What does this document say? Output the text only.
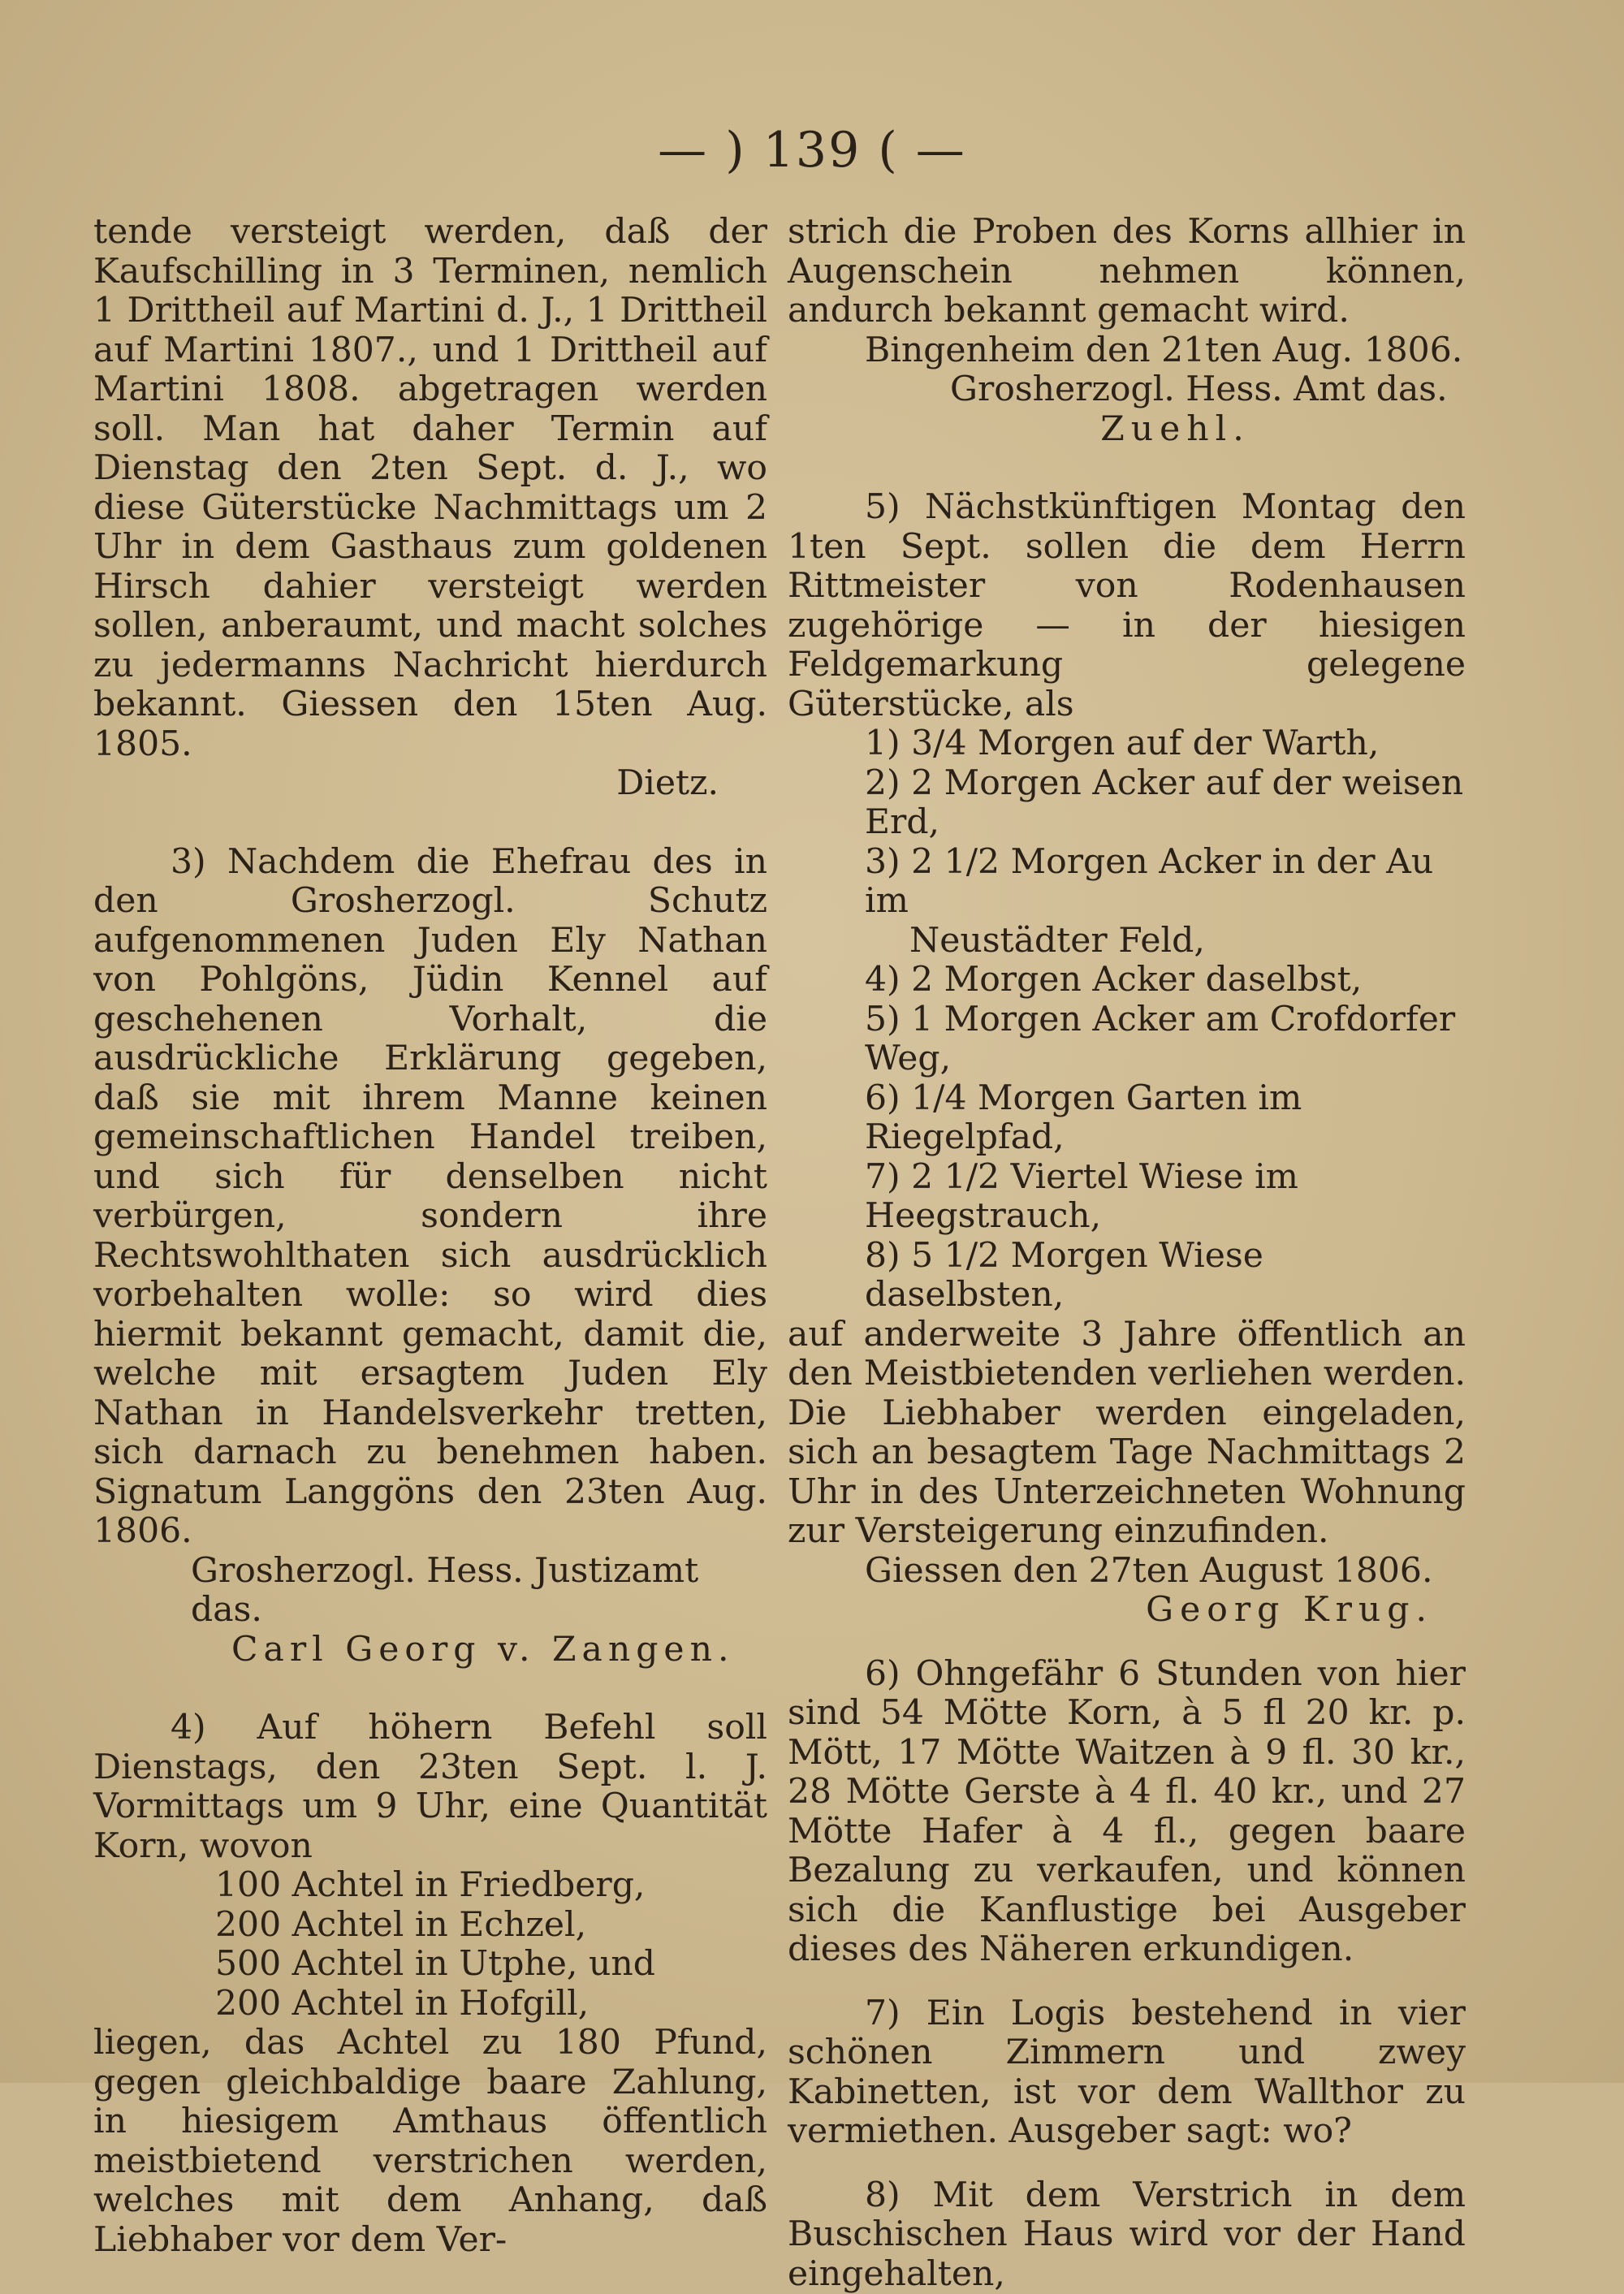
— ) 139 ( —

tende versteigt werden, daß der Kaufschilling in 3 Terminen, nemlich 1 Drittheil auf Martini d. J., 1 Drittheil auf Martini 1807., und 1 Drittheil auf Martini 1808. abgetragen werden soll. Man hat daher Termin auf Dienstag den 2ten Sept. d. J., wo diese Güterstücke Nachmittags um 2 Uhr in dem Gasthaus zum goldenen Hirsch dahier versteigt werden sollen, anberaumt, und macht solches zu jedermanns Nachricht hierdurch bekannt. Giessen den 15ten Aug. 1805.

Dietz.

3) Nachdem die Ehefrau des in den Grosherzogl. Schutz aufgenommenen Juden Ely Nathan von Pohlgöns, Jüdin Kennel auf geschehenen Vorhalt, die ausdrückliche Erklärung gegeben, daß sie mit ihrem Manne keinen gemeinschaftlichen Handel treiben, und sich für denselben nicht verbürgen, sondern ihre Rechtswohlthaten sich ausdrücklich vorbehalten wolle: so wird dies hiermit bekannt gemacht, damit die, welche mit ersagtem Juden Ely Nathan in Handelsverkehr tretten, sich darnach zu benehmen haben. Signatum Langgöns den 23ten Aug. 1806.

Grosherzogl. Hess. Justizamt das.

Carl Georg v. Zangen.

4) Auf höhern Befehl soll Dienstags, den 23ten Sept. l. J. Vormittags um 9 Uhr, eine Quantität Korn, wovon

100 Achtel in Friedberg,

200 Achtel in Echzel,

500 Achtel in Utphe, und

200 Achtel in Hofgill,

liegen, das Achtel zu 180 Pfund, gegen gleichbaldige baare Zahlung, in hiesigem Amthaus öffentlich meistbietend verstrichen werden, welches mit dem Anhang, daß Liebhaber vor dem Ver-

strich die Proben des Korns allhier in Augenschein nehmen können, andurch bekannt gemacht wird.

Bingenheim den 21ten Aug. 1806.

Grosherzogl. Hess. Amt das.

Zuehl.

5) Nächstkünftigen Montag den 1ten Sept. sollen die dem Herrn Rittmeister von Rodenhausen zugehörige — in der hiesigen Feldgemarkung gelegene Güterstücke, als

1) 3/4 Morgen auf der Warth,

2) 2 Morgen Acker auf der weisen Erd,

3) 2 1/2 Morgen Acker in der Au im

Neustädter Feld,

4) 2 Morgen Acker daselbst,

5) 1 Morgen Acker am Crofdorfer Weg,

6) 1/4 Morgen Garten im Riegelpfad,

7) 2 1/2 Viertel Wiese im Heegstrauch,

8) 5 1/2 Morgen Wiese daselbsten,

auf anderweite 3 Jahre öffentlich an den Meistbietenden verliehen werden. Die Liebhaber werden eingeladen, sich an besagtem Tage Nachmittags 2 Uhr in des Unterzeichneten Wohnung zur Versteigerung einzufinden.

Giessen den 27ten August 1806.

Georg Krug.

6) Ohngefähr 6 Stunden von hier sind 54 Mötte Korn, à 5 fl 20 kr. p. Mött, 17 Mötte Waitzen à 9 fl. 30 kr., 28 Mötte Gerste à 4 fl. 40 kr., und 27 Mötte Hafer à 4 fl., gegen baare Bezalung zu verkaufen, und können sich die Kanflustige bei Ausgeber dieses des Näheren erkundigen.

7) Ein Logis bestehend in vier schönen Zimmern und zwey Kabinetten, ist vor dem Wallthor zu vermiethen. Ausgeber sagt: wo?

8) Mit dem Verstrich in dem Buschischen Haus wird vor der Hand eingehalten,
